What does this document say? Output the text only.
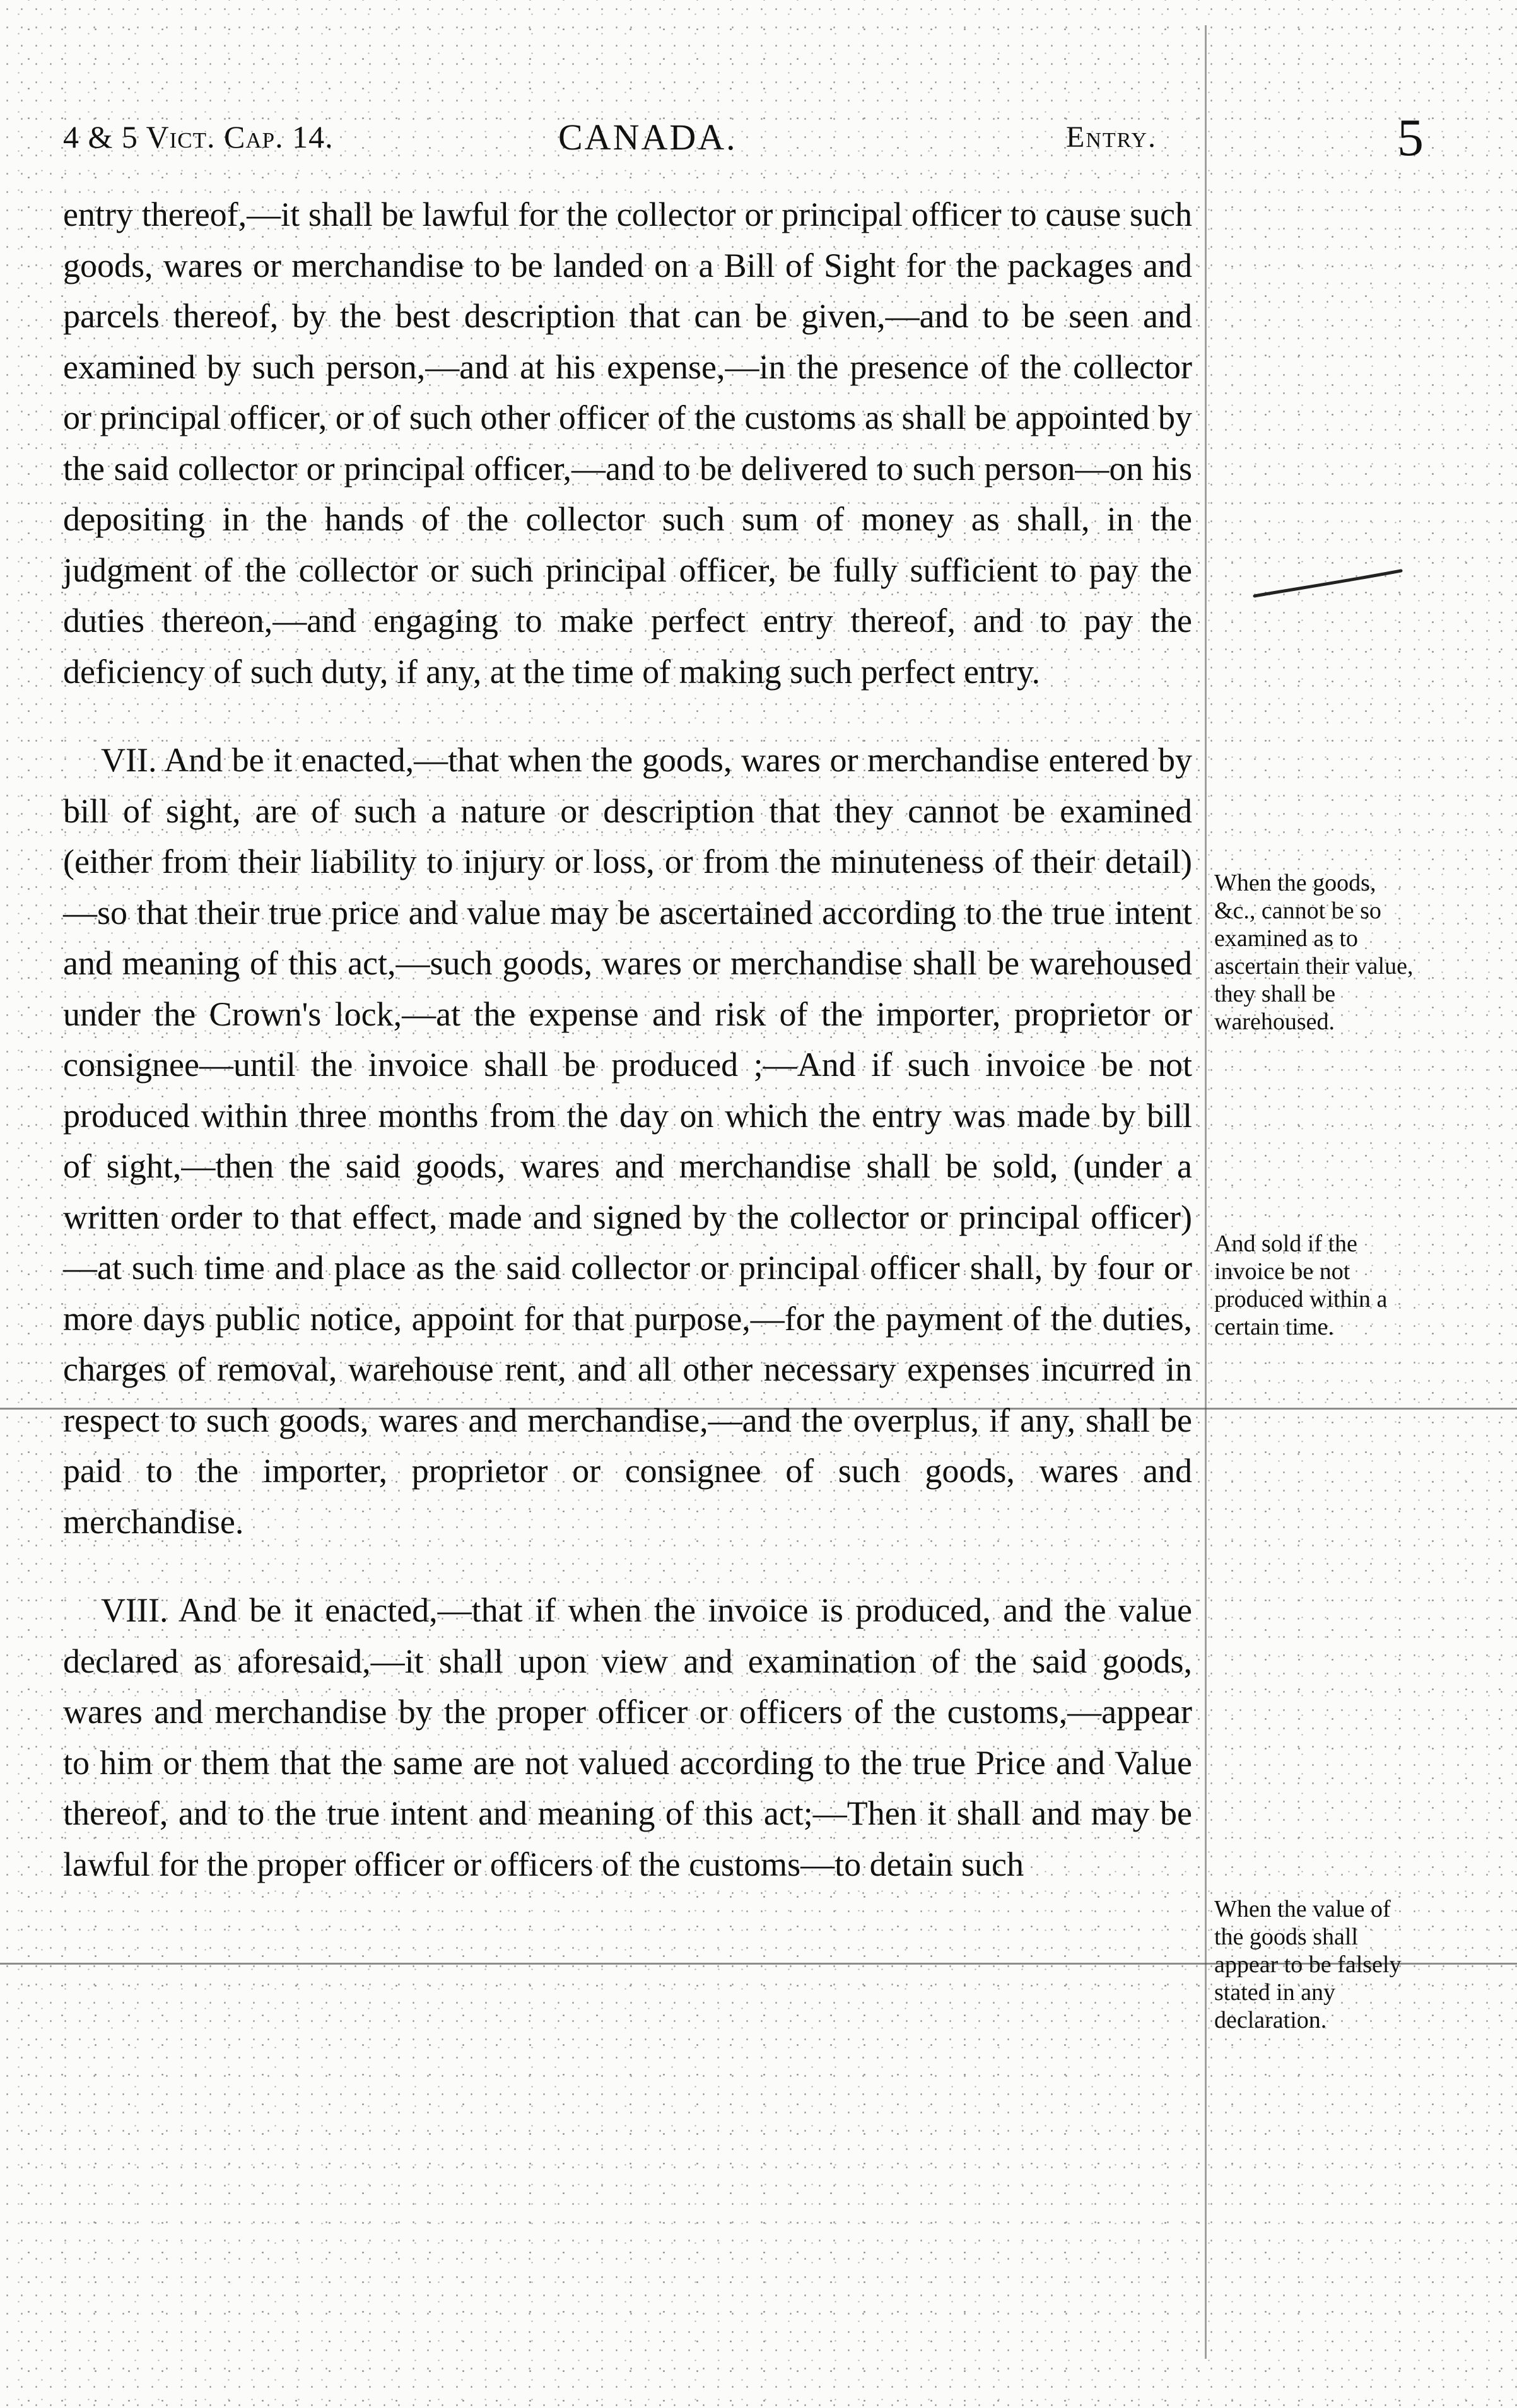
4 & 5 Vict. Cap. 14.	CANADA.	Entry.	5

entry thereof,—it shall be lawful for the collector or principal officer to cause such goods, wares or merchandise to be landed on a Bill of Sight for the packages and parcels thereof, by the best description that can be given,—and to be seen and examined by such person,—and at his expense,—in the presence of the collector or principal officer, or of such other officer of the customs as shall be appointed by the said collector or principal officer,—and to be delivered to such person—on his depositing in the hands of the collector such sum of money as shall, in the judgment of the collector or such principal officer, be fully sufficient to pay the duties thereon,—and engaging to make perfect entry thereof, and to pay the deficiency of such duty, if any, at the time of making such perfect entry.

VII. And be it enacted,—that when the goods, wares or merchandise entered by bill of sight, are of such a nature or description that they cannot be examined (either from their liability to injury or loss, or from the minuteness of their detail)—so that their true price and value may be ascertained according to the true intent and meaning of this act,—such goods, wares or merchandise shall be warehoused under the Crown's lock,—at the expense and risk of the importer, proprietor or consignee—until the invoice shall be produced ;—And if such invoice be not produced within three months from the day on which the entry was made by bill of sight,—then the said goods, wares and merchandise shall be sold, (under a written order to that effect, made and signed by the collector or principal officer)—at such time and place as the said collector or principal officer shall, by four or more days public notice, appoint for that purpose,—for the payment of the duties, charges of removal, warehouse rent, and all other necessary expenses incurred in respect to such goods, wares and merchandise,—and the overplus, if any, shall be paid to the importer, proprietor or consignee of such goods, wares and merchandise.

VIII. And be it enacted,—that if when the invoice is produced, and the value declared as aforesaid,—it shall upon view and examination of the said goods, wares and merchandise by the proper officer or officers of the customs,—appear to him or them that the same are not valued according to the true Price and Value thereof, and to the true intent and meaning of this act;—Then it shall and may be lawful for the proper officer or officers of the customs—to detain such

When the goods, &c., cannot be so examined as to ascertain their value, they shall be warehoused.
And sold if the invoice be not produced within a certain time.
When the value of the goods shall appear to be falsely stated in any declaration.
